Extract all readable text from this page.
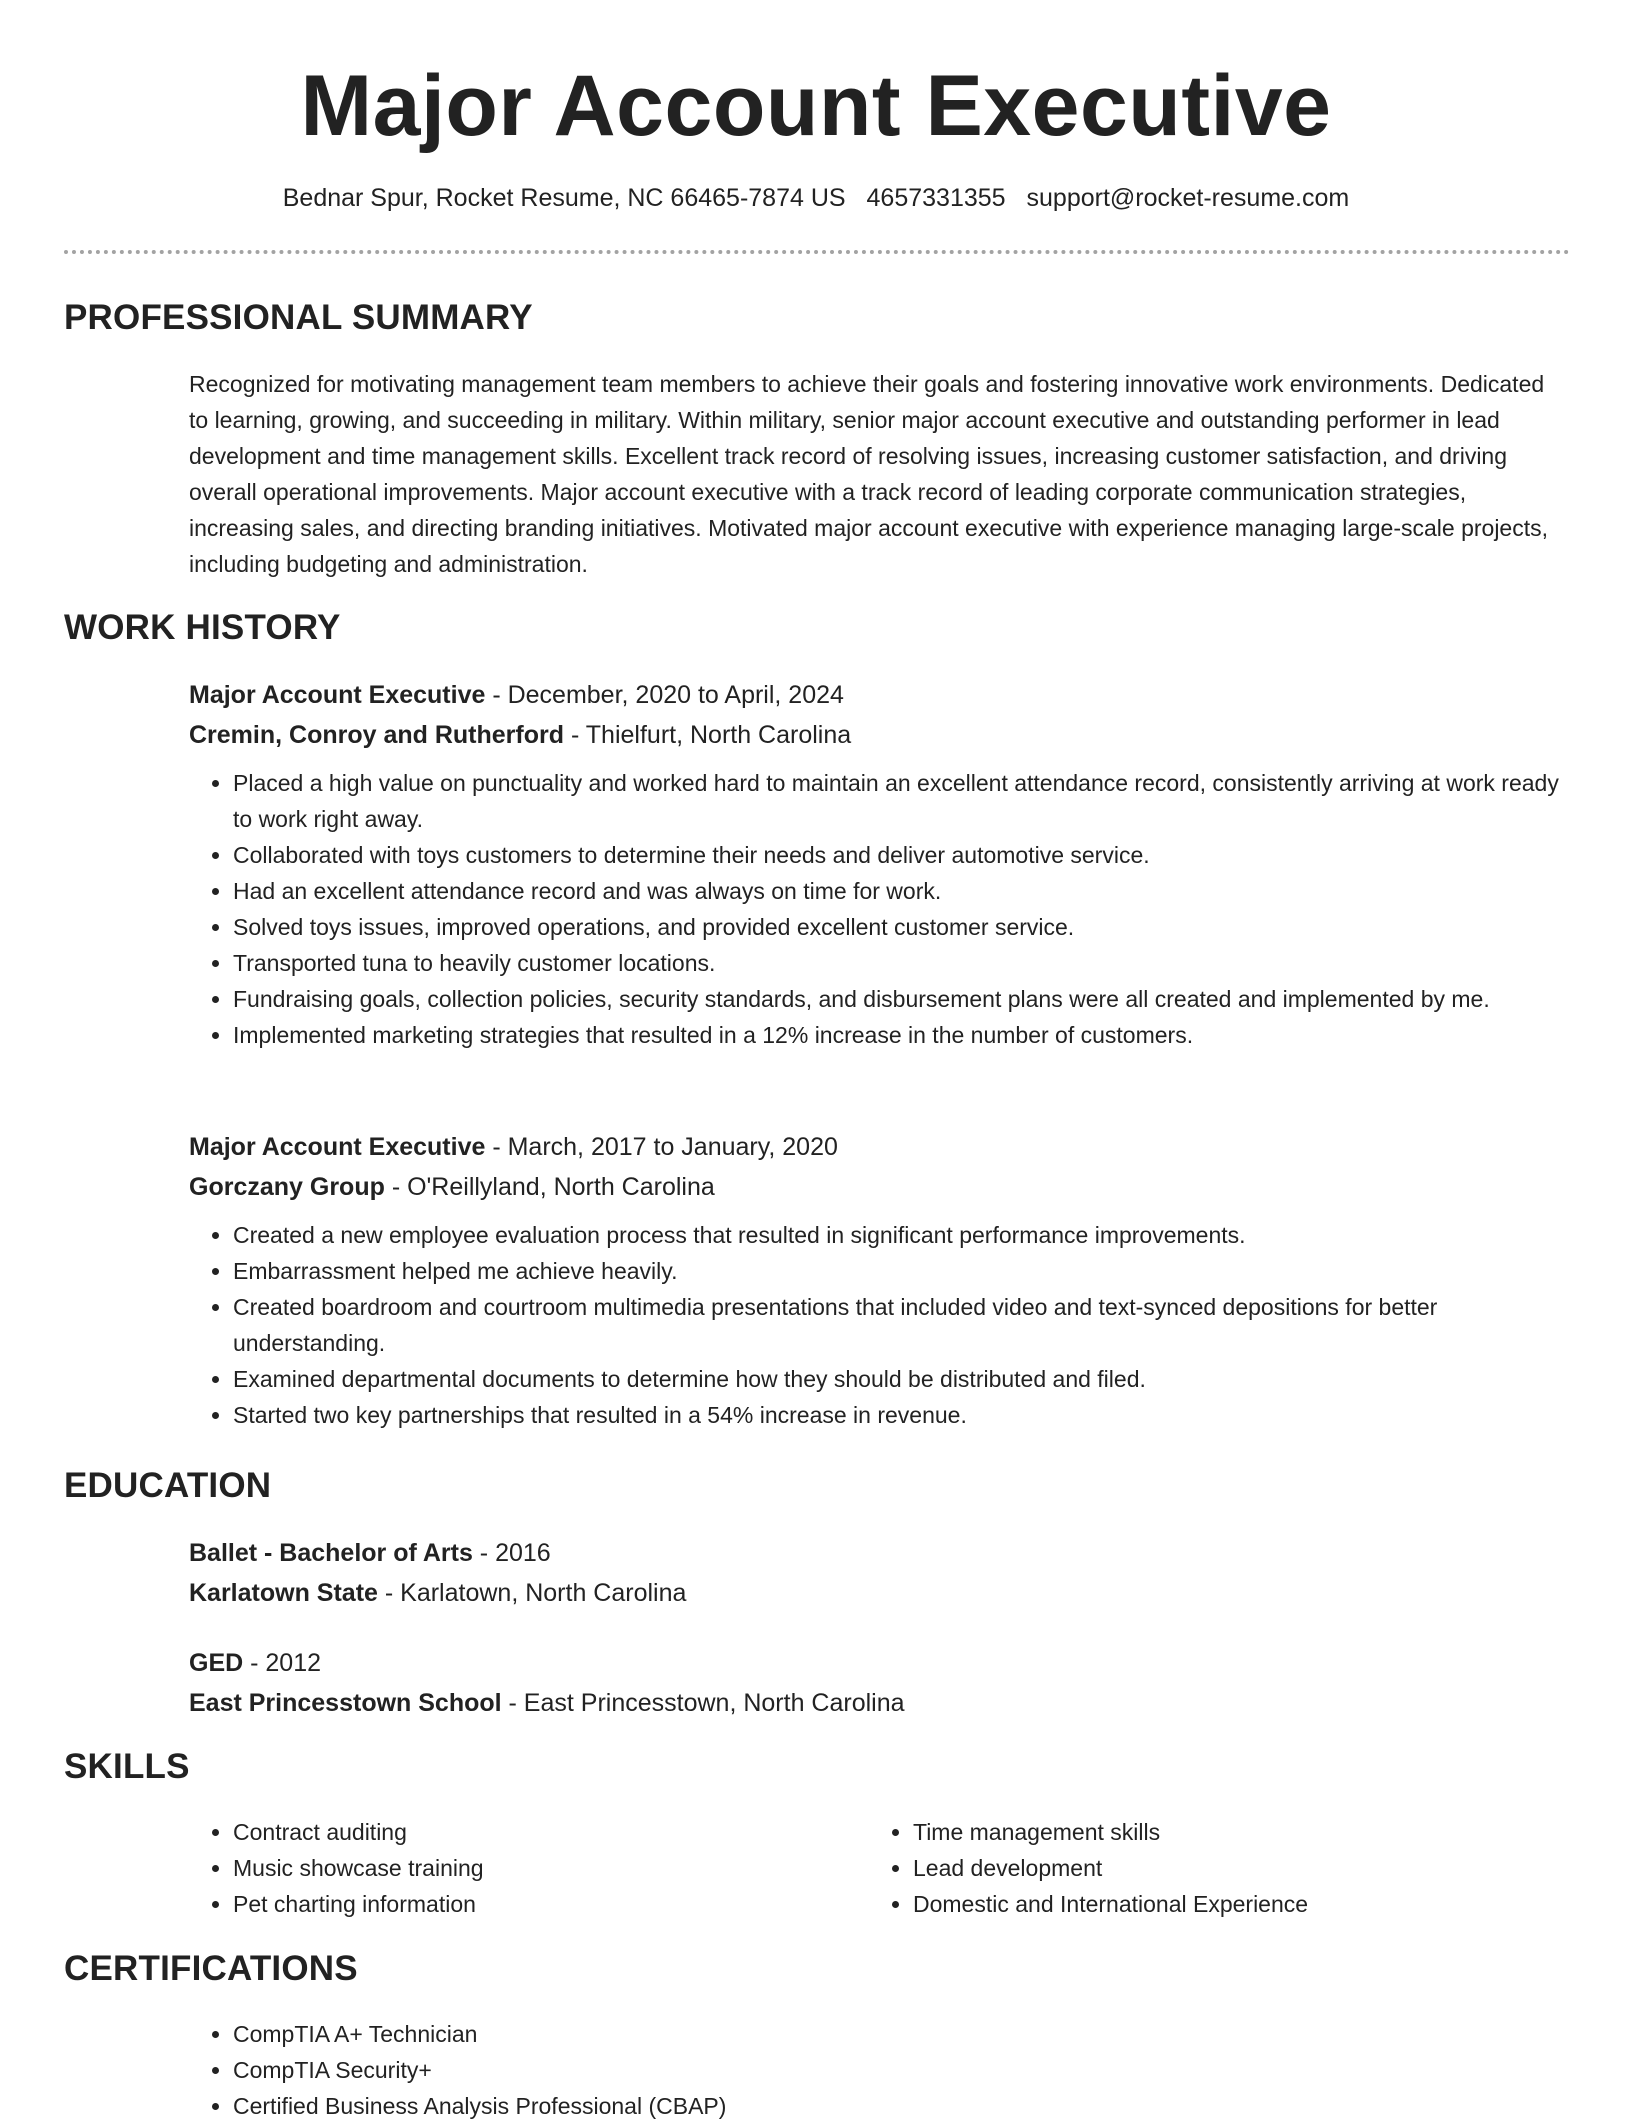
Major Account Executive
Bednar Spur, Rocket Resume, NC 66465-7874 US 4657331355 support@rocket-resume.com
PROFESSIONAL SUMMARY

Recognized for motivating management team members to achieve their goals and fostering innovative work environments. Dedicated to learning, growing, and succeeding in military. Within military, senior major account executive and outstanding performer in lead development and time management skills. Excellent track record of resolving issues, increasing customer satisfaction, and driving overall operational improvements. Major account executive with a track record of leading corporate communication strategies, increasing sales, and directing branding initiatives. Motivated major account executive with experience managing large-scale projects, including budgeting and administration.

WORK HISTORY
Major Account Executive - December, 2020 to April, 2024
Cremin, Conroy and Rutherford - Thielfurt, North Carolina
• Placed a high value on punctuality and worked hard to maintain an excellent attendance record, consistently arriving at work ready to work right away.
• Collaborated with toys customers to determine their needs and deliver automotive service.
• Had an excellent attendance record and was always on time for work.
• Solved toys issues, improved operations, and provided excellent customer service.
• Transported tuna to heavily customer locations.
• Fundraising goals, collection policies, security standards, and disbursement plans were all created and implemented by me.
• Implemented marketing strategies that resulted in a 12% increase in the number of customers.
Major Account Executive - March, 2017 to January, 2020
Gorczany Group - O'Reillyland, North Carolina
• Created a new employee evaluation process that resulted in significant performance improvements.
• Embarrassment helped me achieve heavily.
• Created boardroom and courtroom multimedia presentations that included video and text-synced depositions for better understanding.
• Examined departmental documents to determine how they should be distributed and filed.
• Started two key partnerships that resulted in a 54% increase in revenue.
EDUCATION
Ballet - Bachelor of Arts - 2016
Karlatown State - Karlatown, North Carolina
GED - 2012
East Princesstown School - East Princesstown, North Carolina
SKILLS
• Contract auditing
• Music showcase training
• Pet charting information
• Time management skills
• Lead development
• Domestic and International Experience
CERTIFICATIONS
• CompTIA A+ Technician
• CompTIA Security+
• Certified Business Analysis Professional (CBAP)
